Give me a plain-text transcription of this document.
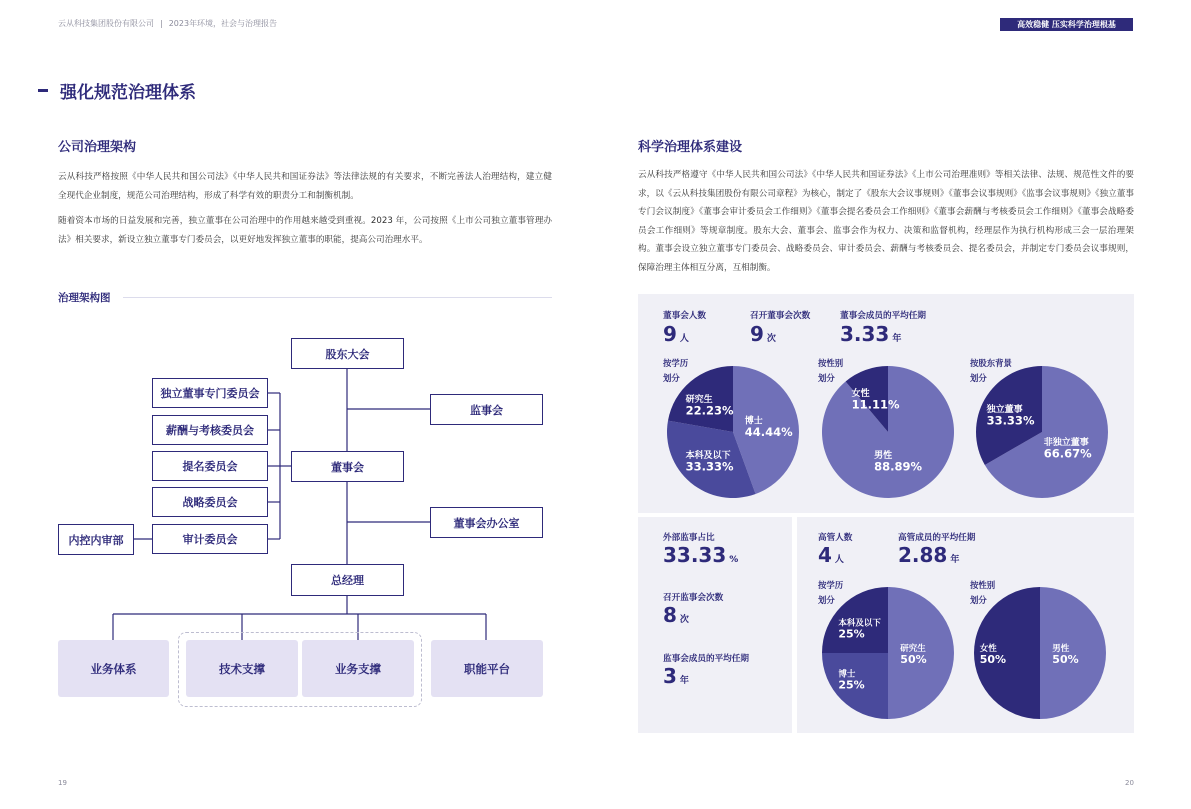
云从科技集团股份有限公司 | 2023年环境，社会与治理报告	高效稳健 压实科学治理根基
强化规范治理体系
公司治理架构
云从科技严格按照《中华人民共和国公司法》《中华人民共和国证券法》等法律法规的有关要求，不断完善法人治理结构，建立健全现代企业制度，规范公司治理结构，形成了科学有效的职责分工和制衡机制。
随着资本市场的日益发展和完善，独立董事在公司治理中的作用越来越受到重视。2023 年，公司按照《上市公司独立董事管理办法》相关要求，新设立独立董事专门委员会，以更好地发挥独立董事的职能，提高公司治理水平。
治理架构图
股东大会
监事会
董事会
董事会办公室
总经理
内控内审部
独立董事专门委员会
薪酬与考核委员会
提名委员会
战略委员会
审计委员会
业务体系	技术支撑	业务支撑	职能平台
科学治理体系建设
云从科技严格遵守《中华人民共和国公司法》《中华人民共和国证券法》《上市公司治理准则》等相关法律、法规、规范性文件的要求，以《云从科技集团股份有限公司章程》为核心，制定了《股东大会议事规则》《董事会议事规则》《监事会议事规则》《独立董事专门会议制度》《董事会审计委员会工作细则》《董事会提名委员会工作细则》《董事会薪酬与考核委员会工作细则》《董事会战略委员会工作细则》等规章制度。股东大会、董事会、监事会作为权力、决策和监督机构，经理层作为执行机构形成三会一层治理架构。董事会设立独立董事专门委员会、战略委员会、审计委员会、薪酬与考核委员会、提名委员会，并制定专门委员会议事规则，保障治理主体相互分离，互相制衡。
董事会人数
9 人
召开董事会次数
9 次
董事会成员的平均任期
3.33 年
按学历
划分
按性别
划分
按股东背景
划分
博士 44.44%
本科及以下 33.33%
研究生 22.23%
男性 88.89%
女性 11.11%
非独立董事 66.67%
独立董事 33.33%
外部监事占比
33.33 %
召开监事会次数
8 次
监事会成员的平均任期
3 年
高管人数
4 人
高管成员的平均任期
2.88 年
按学历
划分
按性别
划分
研究生 50%
博士 25%
本科及以下 25%
男性 50%
女性 50%
19	20
